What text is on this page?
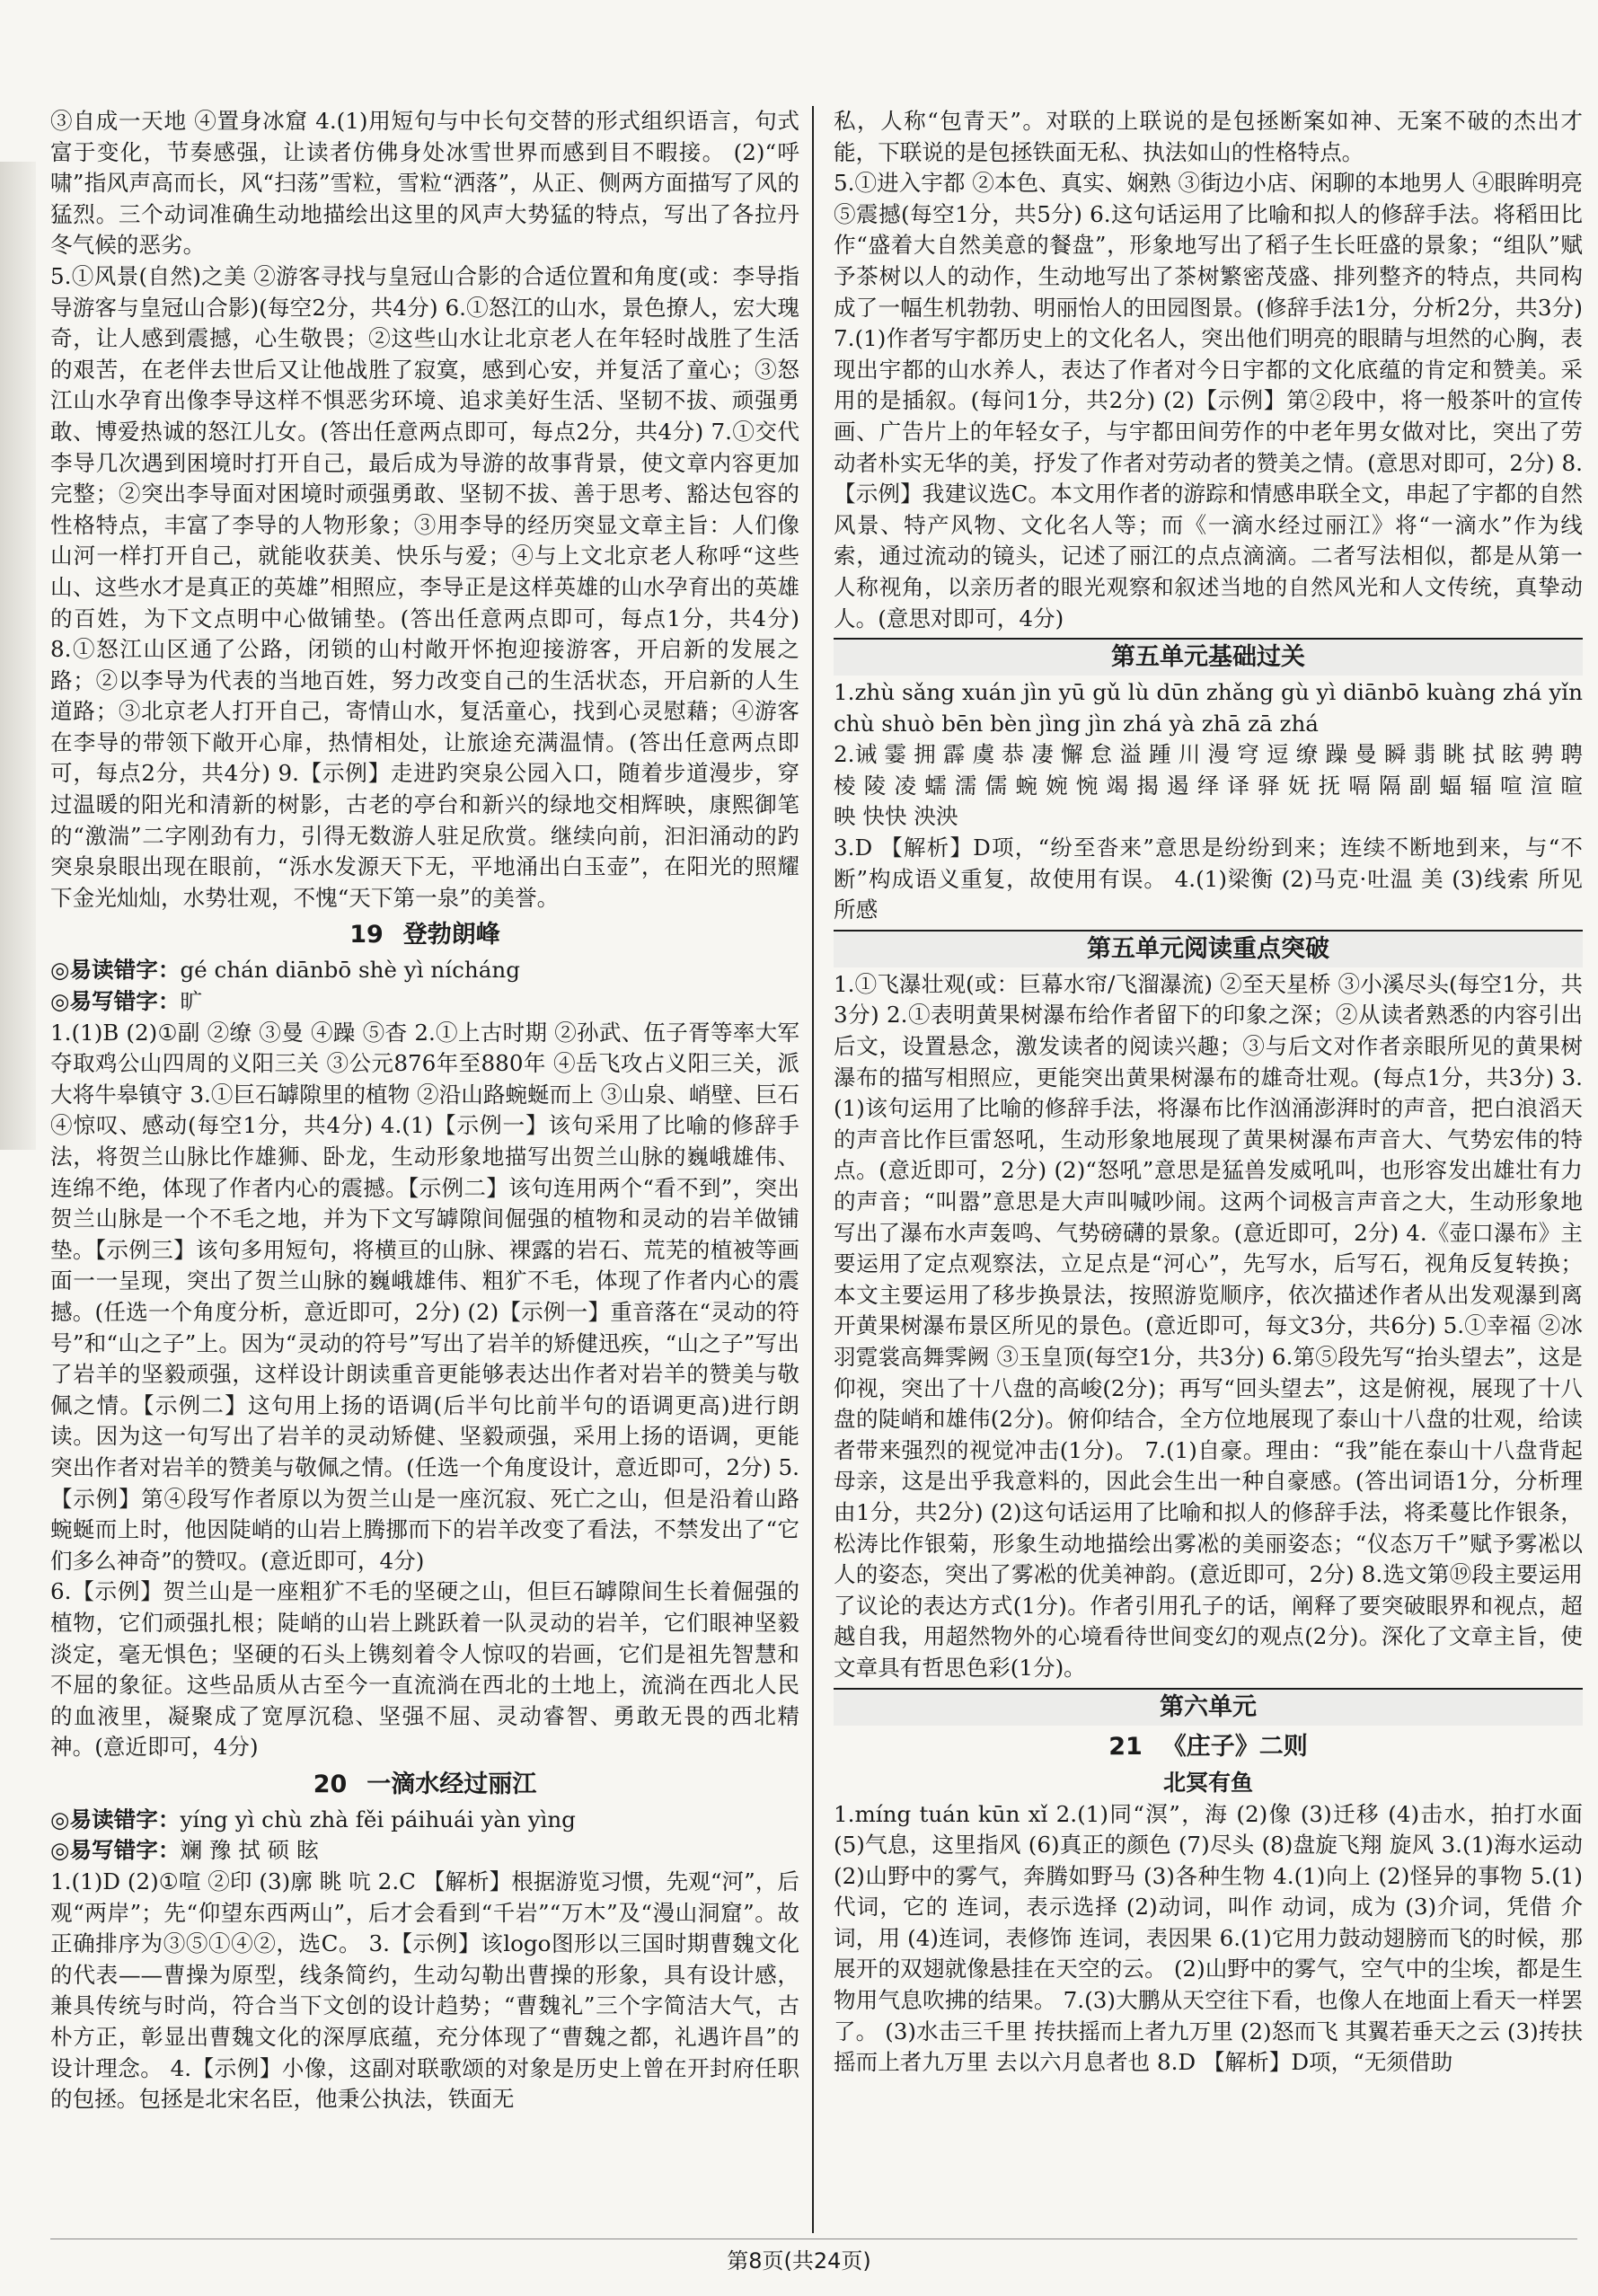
③自成一天地 ④置身冰窟 4.(1)用短句与中长句交替的形式组织语言，句式富于变化，节奏感强，让读者仿佛身处冰雪世界而感到目不暇接。 (2)“呼啸”指风声高而长，风“扫荡”雪粒，雪粒“洒落”，从正、侧两方面描写了风的猛烈。三个动词准确生动地描绘出这里的风声大势猛的特点，写出了各拉丹冬气候的恶劣。

5.①风景(自然)之美 ②游客寻找与皇冠山合影的合适位置和角度(或：李导指导游客与皇冠山合影)(每空2分，共4分) 6.①怒江的山水，景色撩人，宏大瑰奇，让人感到震撼，心生敬畏；②这些山水让北京老人在年轻时战胜了生活的艰苦，在老伴去世后又让他战胜了寂寞，感到心安，并复活了童心；③怒江山水孕育出像李导这样不惧恶劣环境、追求美好生活、坚韧不拔、顽强勇敢、博爱热诚的怒江儿女。(答出任意两点即可，每点2分，共4分) 7.①交代李导几次遇到困境时打开自己，最后成为导游的故事背景，使文章内容更加完整；②突出李导面对困境时顽强勇敢、坚韧不拔、善于思考、豁达包容的性格特点，丰富了李导的人物形象；③用李导的经历突显文章主旨：人们像山河一样打开自己，就能收获美、快乐与爱；④与上文北京老人称呼“这些山、这些水才是真正的英雄”相照应，李导正是这样英雄的山水孕育出的英雄的百姓，为下文点明中心做铺垫。(答出任意两点即可，每点1分，共4分) 8.①怒江山区通了公路，闭锁的山村敞开怀抱迎接游客，开启新的发展之路；②以李导为代表的当地百姓，努力改变自己的生活状态，开启新的人生道路；③北京老人打开自己，寄情山水，复活童心，找到心灵慰藉；④游客在李导的带领下敞开心扉，热情相处，让旅途充满温情。(答出任意两点即可，每点2分，共4分) 9.【示例】走进趵突泉公园入口，随着步道漫步，穿过温暖的阳光和清新的树影，古老的亭台和新兴的绿地交相辉映，康熙御笔的“激湍”二字刚劲有力，引得无数游人驻足欣赏。继续向前，汩汩涌动的趵突泉泉眼出现在眼前，“泺水发源天下无，平地涌出白玉壶”，在阳光的照耀下金光灿灿，水势壮观，不愧“天下第一泉”的美誉。

19 登勃朗峰

◎易读错字：gé chán diānbō shè yì nícháng

◎易写错字：旷

1.(1)B (2)①副 ②缭 ③曼 ④躁 ⑤杳 2.①上古时期 ②孙武、伍子胥等率大军夺取鸡公山四周的义阳三关 ③公元876年至880年 ④岳飞攻占义阳三关，派大将牛皋镇守 3.①巨石罅隙里的植物 ②沿山路蜿蜒而上 ③山泉、峭壁、巨石 ④惊叹、感动(每空1分，共4分) 4.(1)【示例一】该句采用了比喻的修辞手法，将贺兰山脉比作雄狮、卧龙，生动形象地描写出贺兰山脉的巍峨雄伟、连绵不绝，体现了作者内心的震撼。【示例二】该句连用两个“看不到”，突出贺兰山脉是一个不毛之地，并为下文写罅隙间倔强的植物和灵动的岩羊做铺垫。【示例三】该句多用短句，将横亘的山脉、裸露的岩石、荒芜的植被等画面一一呈现，突出了贺兰山脉的巍峨雄伟、粗犷不毛，体现了作者内心的震撼。(任选一个角度分析，意近即可，2分) (2)【示例一】重音落在“灵动的符号”和“山之子”上。因为“灵动的符号”写出了岩羊的矫健迅疾，“山之子”写出了岩羊的坚毅顽强，这样设计朗读重音更能够表达出作者对岩羊的赞美与敬佩之情。【示例二】这句用上扬的语调(后半句比前半句的语调更高)进行朗读。因为这一句写出了岩羊的灵动矫健、坚毅顽强，采用上扬的语调，更能突出作者对岩羊的赞美与敬佩之情。(任选一个角度设计，意近即可，2分) 5.【示例】第④段写作者原以为贺兰山是一座沉寂、死亡之山，但是沿着山路蜿蜒而上时，他因陡峭的山岩上腾挪而下的岩羊改变了看法，不禁发出了“它们多么神奇”的赞叹。(意近即可，4分)

6.【示例】贺兰山是一座粗犷不毛的坚硬之山，但巨石罅隙间生长着倔强的植物，它们顽强扎根；陡峭的山岩上跳跃着一队灵动的岩羊，它们眼神坚毅淡定，毫无惧色；坚硬的石头上镌刻着令人惊叹的岩画，它们是祖先智慧和不屈的象征。这些品质从古至今一直流淌在西北的土地上，流淌在西北人民的血液里，凝聚成了宽厚沉稳、坚强不屈、灵动睿智、勇敢无畏的西北精神。(意近即可，4分)

20 一滴水经过丽江

◎易读错字：yíng yì chù zhà fěi páihuái yàn yìng

◎易写错字：斓 豫 拭 硕 眩

1.(1)D (2)①喧 ②印 (3)廓 眺 吭 2.C 【解析】根据游览习惯，先观“河”，后观“两岸”；先“仰望东西两山”，后才会看到“千岩”“万木”及“漫山洞窟”。故正确排序为③⑤①④②，选C。 3.【示例】该logo图形以三国时期曹魏文化的代表——曹操为原型，线条简约，生动勾勒出曹操的形象，具有设计感，兼具传统与时尚，符合当下文创的设计趋势；“曹魏礼”三个字简洁大气，古朴方正，彰显出曹魏文化的深厚底蕴，充分体现了“曹魏之都，礼遇许昌”的设计理念。 4.【示例】小像，这副对联歌颂的对象是历史上曾在开封府任职的包拯。包拯是北宋名臣，他秉公执法，铁面无

私，人称“包青天”。对联的上联说的是包拯断案如神、无案不破的杰出才能，下联说的是包拯铁面无私、执法如山的性格特点。

5.①进入宇都 ②本色、真实、娴熟 ③街边小店、闲聊的本地男人 ④眼眸明亮 ⑤震撼(每空1分，共5分) 6.这句话运用了比喻和拟人的修辞手法。将稻田比作“盛着大自然美意的餐盘”，形象地写出了稻子生长旺盛的景象；“组队”赋予茶树以人的动作，生动地写出了茶树繁密茂盛、排列整齐的特点，共同构成了一幅生机勃勃、明丽怡人的田园图景。(修辞手法1分，分析2分，共3分) 7.(1)作者写宇都历史上的文化名人，突出他们明亮的眼睛与坦然的心胸，表现出宇都的山水养人，表达了作者对今日宇都的文化底蕴的肯定和赞美。采用的是插叙。(每问1分，共2分) (2)【示例】第②段中，将一般茶叶的宣传画、广告片上的年轻女子，与宇都田间劳作的中老年男女做对比，突出了劳动者朴实无华的美，抒发了作者对劳动者的赞美之情。(意思对即可，2分) 8.【示例】我建议选C。本文用作者的游踪和情感串联全文，串起了宇都的自然风景、特产风物、文化名人等；而《一滴水经过丽江》将“一滴水”作为线索，通过流动的镜头，记述了丽江的点点滴滴。二者写法相似，都是从第一人称视角，以亲历者的眼光观察和叙述当地的自然风光和人文传统，真挚动人。(意思对即可，4分)

第五单元基础过关

1.zhù sǎng xuán jìn yū gǔ lù dūn zhǎng gù yì diānbō kuàng zhá yǐn chù shuò bēn bèn jìng jìn zhá yà zhā zā zhá

2.诫 霎 拥 霹 虞 恭 凄 懈 怠 溢 踵 川 漫 穹 逗 缭 躁 曼 瞬 翡 眺 拭 眩 骋 聘 棱 陵 凌 蠕 濡 儒 蜿 婉 惋 竭 揭 遏 绎 译 驿 妩 抚 嗝 隔 副 蝠 辐 喧 渲 暄 映 快快 泱泱

3.D 【解析】D项，“纷至沓来”意思是纷纷到来；连续不断地到来，与“不断”构成语义重复，故使用有误。 4.(1)梁衡 (2)马克·吐温 美 (3)线索 所见 所感

第五单元阅读重点突破

1.①飞瀑壮观(或：巨幕水帘/飞溜瀑流) ②至天星桥 ③小溪尽头(每空1分，共3分) 2.①表明黄果树瀑布给作者留下的印象之深；②从读者熟悉的内容引出后文，设置悬念，激发读者的阅读兴趣；③与后文对作者亲眼所见的黄果树瀑布的描写相照应，更能突出黄果树瀑布的雄奇壮观。(每点1分，共3分) 3.(1)该句运用了比喻的修辞手法，将瀑布比作汹涌澎湃时的声音，把白浪滔天的声音比作巨雷怒吼，生动形象地展现了黄果树瀑布声音大、气势宏伟的特点。(意近即可，2分) (2)“怒吼”意思是猛兽发威吼叫，也形容发出雄壮有力的声音；“叫嚣”意思是大声叫喊吵闹。这两个词极言声音之大，生动形象地写出了瀑布水声轰鸣、气势磅礴的景象。(意近即可，2分) 4.《壶口瀑布》主要运用了定点观察法，立足点是“河心”，先写水，后写石，视角反复转换；本文主要运用了移步换景法，按照游览顺序，依次描述作者从出发观瀑到离开黄果树瀑布景区所见的景色。(意近即可，每文3分，共6分) 5.①幸福 ②冰羽霓裳高舞霁阙 ③玉皇顶(每空1分，共3分) 6.第⑤段先写“抬头望去”，这是仰视，突出了十八盘的高峻(2分)；再写“回头望去”，这是俯视，展现了十八盘的陡峭和雄伟(2分)。俯仰结合，全方位地展现了泰山十八盘的壮观，给读者带来强烈的视觉冲击(1分)。 7.(1)自豪。理由：“我”能在泰山十八盘背起母亲，这是出乎我意料的，因此会生出一种自豪感。(答出词语1分，分析理由1分，共2分) (2)这句话运用了比喻和拟人的修辞手法，将柔蔓比作银条，松涛比作银菊，形象生动地描绘出雾凇的美丽姿态；“仪态万千”赋予雾凇以人的姿态，突出了雾凇的优美神韵。(意近即可，2分) 8.选文第⑲段主要运用了议论的表达方式(1分)。作者引用孔子的话，阐释了要突破眼界和视点，超越自我，用超然物外的心境看待世间变幻的观点(2分)。深化了文章主旨，使文章具有哲思色彩(1分)。

第六单元
21 《庄子》二则
北冥有鱼

1.míng tuán kūn xǐ 2.(1)同“溟”，海 (2)像 (3)迁移 (4)击水，拍打水面 (5)气息，这里指风 (6)真正的颜色 (7)尽头 (8)盘旋飞翔 旋风 3.(1)海水运动 (2)山野中的雾气，奔腾如野马 (3)各种生物 4.(1)向上 (2)怪异的事物 5.(1)代词，它的 连词，表示选择 (2)动词，叫作 动词，成为 (3)介词，凭借 介词，用 (4)连词，表修饰 连词，表因果 6.(1)它用力鼓动翅膀而飞的时候，那展开的双翅就像悬挂在天空的云。 (2)山野中的雾气，空气中的尘埃，都是生物用气息吹拂的结果。 7.(3)大鹏从天空往下看，也像人在地面上看天一样罢了。 (3)水击三千里 抟扶摇而上者九万里 (2)怒而飞 其翼若垂天之云 (3)抟扶摇而上者九万里 去以六月息者也 8.D 【解析】D项，“无须借助

第8页(共24页)
